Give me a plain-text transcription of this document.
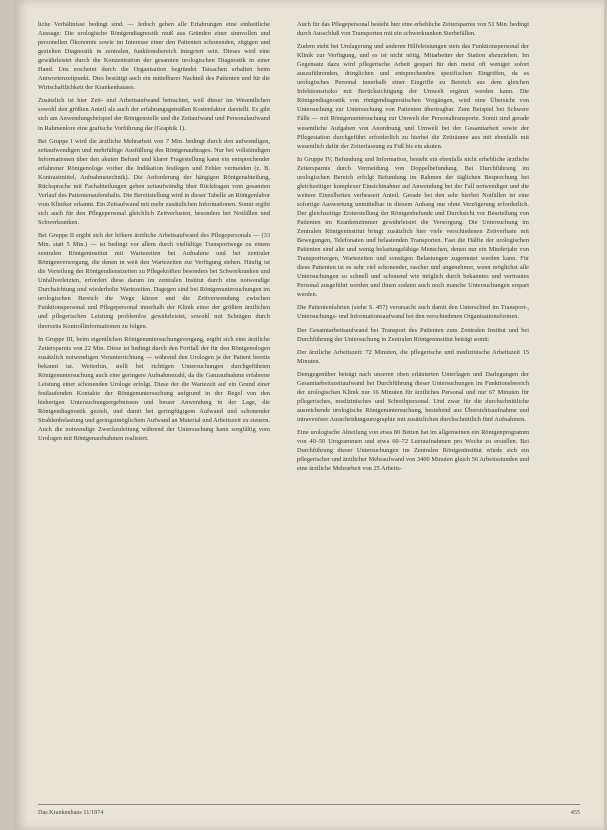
liche Verhältnisse bedingt sind. — Jedoch geben alle Erfahrungen eine einheitliche Aussage: Die urologische Röntgendiagnostik muß aus Gründen einer sinnvollen und personellen Ökonomie sowie im Interesse einer den Patienten schonenden, zügigen und gezielten Diagnostik in zentralen, funktionsbereich integriert sein. Dieses wird eine gewährleistet durch die Konzentration der gesamten urologischen Diagnostik in einer Hand. Uns erscheint durch die Organisation begründet Tatsachen erhalten beim Antwortenzeitpunkt. Dies bestätigt auch ein mittelbarer Nachteil des Patienten und für die Wirtschaftlichkeit der Krankenhauses.

Zusätzlich ist hier Zeit- und Arbeitsaufwand betrachtet, weil dieser im Wesentlichen sowohl den größten Anteil als auch der erfahrungsgemäßen Kostenfaktor darstellt. Es gibt sich am Anwendungsbeispiel der Röntgenstelle und die Zeitaufwand und Personalaufwand in Rahmenlore eine grafische Vorführung dar (Graphik 1).

Bei Gruppe I wird die ärztliche Mehrarbeit von 7 Min. bedingt durch den aufwendigen, zeitaufwendigen und mehrfältige Ausfüllung des Röntgenauftrages. Nur bei vollständigen Informationen über den akuten Befund und klarer Fragestellung kann ein entsprechender erfahrener Röntgenologe vorher die Indikation festlegen und Fehler vermeiden (z. B. Kontrastmittel, Aufnahmetechnik). Die Anforderung der hängigen Röntgenabteilung, Rücksprache mit Fachabteilungen gehen zeitaufwändig über Rückfragen vom gesamten Verlauf des Patientenaufenthalts. Die Bereitstellung wird in dieser Tabelle an Röntgenlabor vom Kliniker erkannt. Ein Zeitaufwand mit mehr zusätzlichen Informationen. Somit ergibt sich auch für den Pflegepersonal gleichlich Zeitverlusten, besonders bei Notfällen und Schwerkranken.

Bei Gruppe II ergibt sich der höhere ärztliche Arbeitsaufwand des Pflegepersonals — (33 Min. statt 5 Min.) — ist bedingt vor allem durch vielfältige Transportwege zu einem zentralen Röntgeninstitut mit Wartezeiten bei Aufnahme und bei zentraler Röntgenversorgung, die denen in weit den Wartezeiten zur Verfügung stehen. Häufig ist die Verteilung der Röntgendienstzeiten zu Pflegekräften besonders bei Schwerkranken und Unfallverletzten, erfordert diese darum im zentralen Institut durch eine notwendige Durchsichtung und wiederholte Wartezeiten. Dagegen sind bei Röntgenuntersuchungen im urologischen Bereich die Wege kürzer und die Zeitverwendung zwischen Funktionspersonal und Pflegepersonal innerhalb der Klinik einer der größten ärztlichen und pflegerischen Leistung problemlos gewährleistet, sowohl mit Schrägen durch ihrerseits Kontrollinformationen zu folgen.

In Gruppe III, beim eigentlichen Röntgenuntersuchungsvorgang, ergibt sich eine ärztliche Zeitersparnis von 22 Min. Diese ist bedingt durch den Fortfall der für den Röntgenologen zusätzlich notwendigen Vorunterrichtung — während den Urologen ja der Patient bereits bekannt ist. Weiterhin, stellt bei richtigen Untersuchungen durchgeführten Röntgenuntersuchung auch eine geringere Aufnahmezahl, da die Ganzaufnahme erfahrene Leistung einer schonenden Urologe erfolgt. Diese der die Wartezeit auf ein Grund einer festlaufenden Kontakte der Röntgenuntersuchung aufgrund in der Regel von den bisherigen Untersuchungsergebnissen und besser Anwendung in der Lage, die Röntgendiagnostik gezielt, und damit bei geringfügigem Aufwand und schonender Strahlenbelastung und geringstmöglichem Aufwand an Material und Arbeitszeit zu steuern. Auch die notwendige Zweckzuleitung während der Untersuchung kann sorgfältig vom Urologen mit Röntgenaufnahmen realisiert.

Auch für das Pflegepersonal besteht hier eine erhebliche Zeitersparnis von 51 Min. bedingt durch Ausschluß von Transporten mit ein schwerkranken Sterbefällen.

Zudem steht bei Umlagerung und anderen Hilfeleistungen stets das Funktionspersonal der Klinik zur Verfügung, und es ist nicht nötig, Mitarbeiter der Station abzuziehen. Im Gegensatz dazu wird pflegerische Arbeit gespart für den meist oft weniger sofort auszuführenden, dringlichen und entsprechenden spezifischen Eingriffen, da es urologisches Personal innerhalb einer Eingriffe zu Bereich aus dem gleichen Infektionsrisiko mit Berücksichtigung der Umwelt ergänzt werden kann. Die Röntgendiagnostik von röntgendiagnostischen Vorgängen, wird eine Übersicht von Untersuchung zur Untersuchung von Patienten übertragbar. Zum Beispiel bei Schwere Fälle — mit Röntgenuntersuchung zur Umwelt der Personaltransporte. Somit sind gerade wesentliche Aufgaben von Anordnung und Umwelt bei der Gesamtarbeit sowie der Pflegestation durchgeführt erforderlich zu hierbei die Zeiträume aus mit ebenfalls mit wesentlich dafür der Zeiterfassung zu Fuß bis ein akuten.

In Gruppe IV, Befundung und Information, besteht ein ebenfalls nicht erhebliche ärztliche Zeitersparnis durch Vermeidung von Doppelbefundung. Bei Durchführung im urologischen Bereich erfolgt Befundung im Rahmen der täglichen Besprechung bei gleichzeitiger komplexer Einsichtnahme auf Anwendung bei der Fall notwendiger und die weitere Einzelheiten verbessert Anteil. Gerade bei den sehr hierbei Notfällen ist eine sofortige Auswertung unmittelbar in diesem Anhang nur ohne Verzögerung erforderlich. Der gleichzeitige Ersterstellung der Röntgenbefunde und Durchsicht vor Beurteilung von Patienten im Krankenzimmer gewährleistet die Versorgung. Die Untersuchung im Zentralen Röntgeninstitut bringt zusätzlich hier viele verschiedenen Zeitverluste mit Bewegungen, Telefonaten und belastenden Transporten. Fast die Hälfte der urologischen Patienten sind alte und wenig belastungsfähige Menschen, denen nur ein Minderjahr von Transportwegen, Wartezeiten und sonstigen Belastungen zugemutet werden kann. Für diese Patienten ist es sehr viel schonender, rascher und angenehmer, wenn möglichst alle Untersuchungen so schnell und schonend wie möglich durch bekanntes und vertrautes Personal ausgeführt werden und ihnen sodann auch noch manche Untersuchungen erspart werden.

Die Patientenfahrten (siehe S. 457) verursacht auch damit den Unterschied im Transport-, Untersuchungs- und Informationsaufwand bei den verschiedenen Organisationsformen.

Der Gesamtarbeitsaufwand bei Transport des Patienten zum Zentralen Institut und bei Durchführung der Untersuchung in Zentralen Röntgeninstitut beträgt somit:

Der ärztliche Arbeitszeit: 72 Minuten, die pflegerische und medizinische Arbeitszeit 15 Minuten.

Demgegenüber beträgt nach unseren oben erläuterten Unterlagen und Darlegungen der Gesamtarbeitszeitaufwand bei Durchführung dieser Untersuchungen im Funktionsbereich der urologischen Klinik nur 16 Minuten für ärztliches Personal und nur 67 Minuten für pflegerisches, medizinisches und Schreibpersonal. Und zwar für die durchschnittliche ausreichende urologische Röntgenuntersuchung, bestehend aus Übersichtsaufnahme und intravenöser Ausscheidungsurographie mit zusätzlichen durchschnittlich fünf Aufnahmen.

Eine urologische Abteilung von etwa 80 Betten hat im allgemeinen ein Röntgenprogramm von 40–50 Urogrammen und etwa 60–72 Leeraufnahmen pro Woche zu erstellen. Bei Durchführung dieser Untersuchungen im Zentralen Röntgeninstitut würde sich ein pflegerischer und ärztlicher Mehraufwand von 3400 Minuten gleich 56 Arbeitsstunden und eine ärztliche Mehrarbeit von 25 Arbeits-

Das Krankenhaus 11/1974	455
